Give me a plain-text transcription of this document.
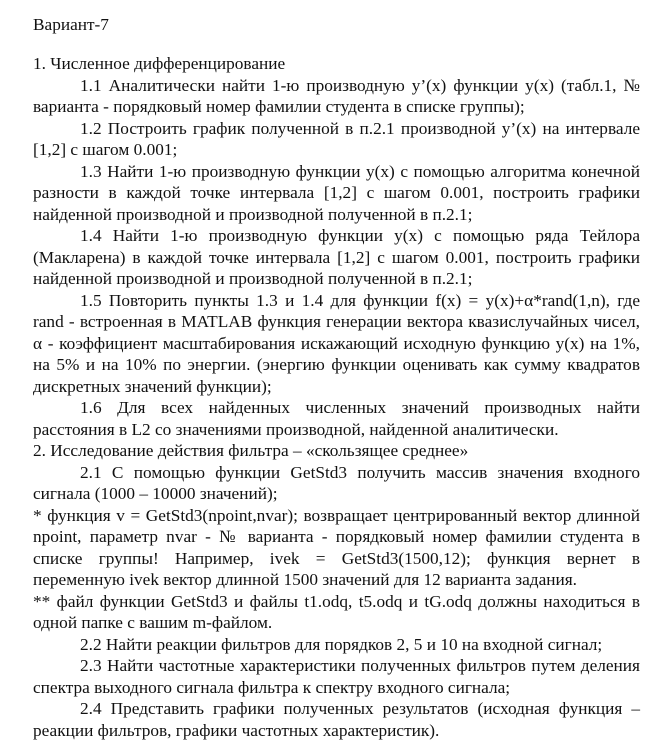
Вариант-7

1. Численное дифференцирование

1.1 Аналитически найти 1-ю производную y’(x) функции y(x) (табл.1, № варианта - порядковый номер фамилии студента в списке группы);

1.2 Построить график полученной в п.2.1 производной y’(x) на интервале [1,2] с шагом 0.001;

1.3 Найти 1-ю производную функции y(x) с помощью алгоритма конечной разности в каждой точке интервала [1,2] с шагом 0.001, построить графики найденной производной и производной полученной в п.2.1;

1.4 Найти 1-ю производную функции y(x) с помощью ряда Тейлора (Макларена) в каждой точке интервала [1,2] с шагом 0.001, построить графики найденной производной и производной полученной в п.2.1;

1.5 Повторить пункты 1.3 и 1.4 для функции f(x) = y(x)+α*rand(1,n), где rand - встроенная в MATLAB функция генерации вектора квазислучайных чисел, α - коэффициент масштабирования искажающий исходную функцию y(x) на 1%, на 5% и на 10% по энергии. (энергию функции оценивать как сумму квадратов дискретных значений функции);

1.6 Для всех найденных численных значений производных найти расстояния в L2 со значениями производной, найденной аналитически.

2. Исследование действия фильтра – «скользящее среднее»

2.1 С помощью функции GetStd3 получить массив значения входного сигнала (1000 – 10000 значений);

* функция v = GetStd3(npoint,nvar); возвращает центрированный вектор длинной npoint, параметр nvar - № варианта - порядковый номер фамилии студента в списке группы! Например, ivek = GetStd3(1500,12); функция вернет в переменную ivek вектор длинной 1500 значений для 12 варианта задания.

** файл функции GetStd3 и файлы t1.odq, t5.odq и tG.odq должны находиться в одной папке с вашим m-файлом.

2.2 Найти реакции фильтров для порядков 2, 5 и 10 на входной сигнал;

2.3 Найти частотные характеристики полученных фильтров путем деления спектра выходного сигнала фильтра к спектру входного сигнала;

2.4 Представить графики полученных результатов (исходная функция – реакции фильтров, графики частотных характеристик).
